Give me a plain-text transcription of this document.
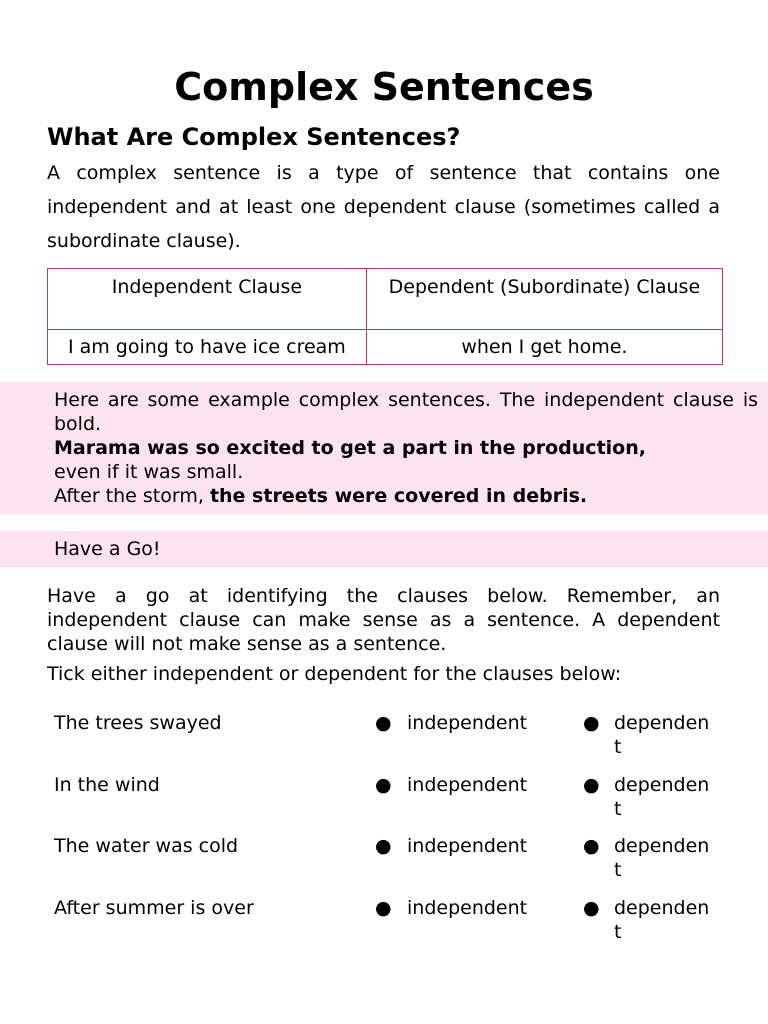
Complex Sentences
What Are Complex Sentences?

A complex sentence is a type of sentence that contains one independent and at least one dependent clause (sometimes called a subordinate clause).

Independent Clause	Dependent (Subordinate) Clause
I am going to have ice cream	when I get home.

Here are some example complex sentences. The independent clause is bold.

Marama was so excited to get a part in the production,
even if it was small.

After the storm, the streets were covered in debris.

Have a Go!

Have a go at identifying the clauses below. Remember, an independent clause can make sense as a sentence. A dependent clause will not make sense as a sentence.

Tick either independent or dependent for the clauses below:

The trees swayed	● independent	● dependent
In the wind	● independent	● dependent
The water was cold	● independent	● dependent
After summer is over	● independent	● dependent
